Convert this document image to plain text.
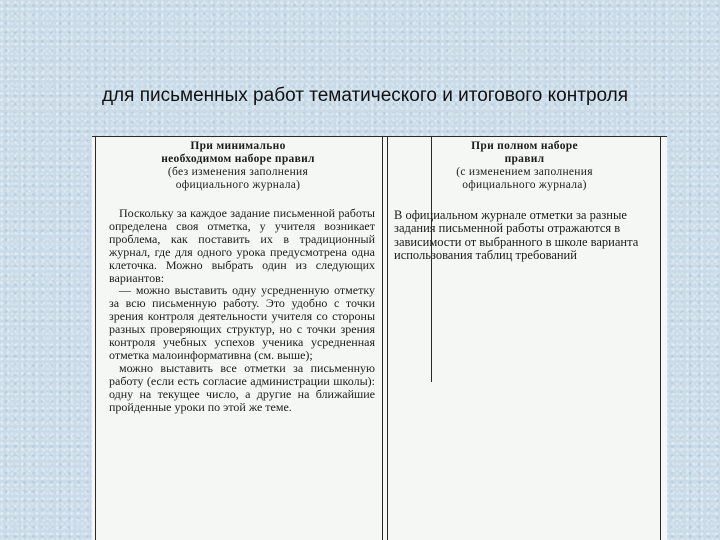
для письменных работ тематического и итогового контроля
При минимально
необходимом наборе правил
(без изменения заполнения
официального журнала)
При полном наборе
правил
(с изменением заполнения
официального журнала)

Поскольку за каждое задание письменной работы определена своя отметка, у учителя возникает проблема, как поставить их в традиционный журнал, где для одного урока предусмотрена одна клеточка. Можно выбрать один из следующих вариантов:

— можно выставить одну усредненную отметку за всю письменную работу. Это удобно с точки зрения контроля деятельности учителя со стороны разных проверяющих структур, но с точки зрения контроля учебных успехов ученика усредненная отметка малоинформативна (см. выше);

можно выставить все отметки за письменную работу (если есть согласие администрации школы): одну на текущее число, а другие на ближайшие пройденные уроки по этой же теме.

В официальном журнале отметки за разные задания письменной работы отражаются в зависимости от выбранного в школе варианта использования таблиц требований
